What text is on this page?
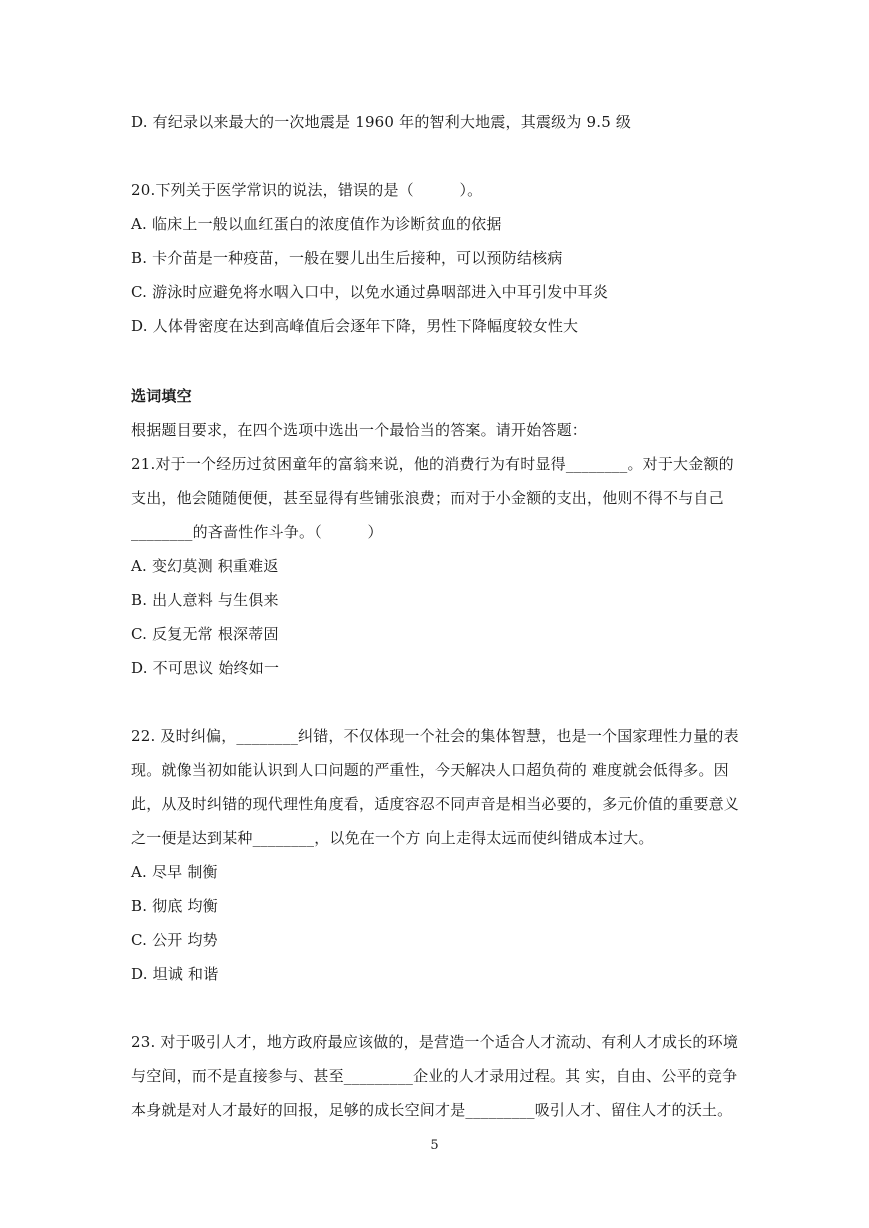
D. 有纪录以来最大的一次地震是 1960 年的智利大地震，其震级为 9.5 级
20.下列关于医学常识的说法，错误的是（　　　）。
A. 临床上一般以血红蛋白的浓度值作为诊断贫血的依据
B. 卡介苗是一种疫苗，一般在婴儿出生后接种，可以预防结核病
C. 游泳时应避免将水咽入口中，以免水通过鼻咽部进入中耳引发中耳炎
D. 人体骨密度在达到高峰值后会逐年下降，男性下降幅度较女性大
选词填空
根据题目要求，在四个选项中选出一个最恰当的答案。请开始答题：
21.对于一个经历过贫困童年的富翁来说，他的消费行为有时显得________。对于大金额的
支出，他会随随便便，甚至显得有些铺张浪费；而对于小金额的支出，他则不得不与自己
________的吝啬性作斗争。（　　　）
A. 变幻莫测 积重难返
B. 出人意料 与生俱来
C. 反复无常 根深蒂固
D. 不可思议 始终如一
22. 及时纠偏，________纠错，不仅体现一个社会的集体智慧，也是一个国家理性力量的表
现。就像当初如能认识到人口问题的严重性，今天解决人口超负荷的 难度就会低得多。因
此，从及时纠错的现代理性角度看，适度容忍不同声音是相当必要的，多元价值的重要意义
之一便是达到某种________，以免在一个方 向上走得太远而使纠错成本过大。
A. 尽早 制衡
B. 彻底 均衡
C. 公开 均势
D. 坦诚 和谐
23. 对于吸引人才，地方政府最应该做的，是营造一个适合人才流动、有利人才成长的环境
与空间，而不是直接参与、甚至_________企业的人才录用过程。其 实，自由、公平的竞争
本身就是对人才最好的回报，足够的成长空间才是_________吸引人才、留住人才的沃土。
5
